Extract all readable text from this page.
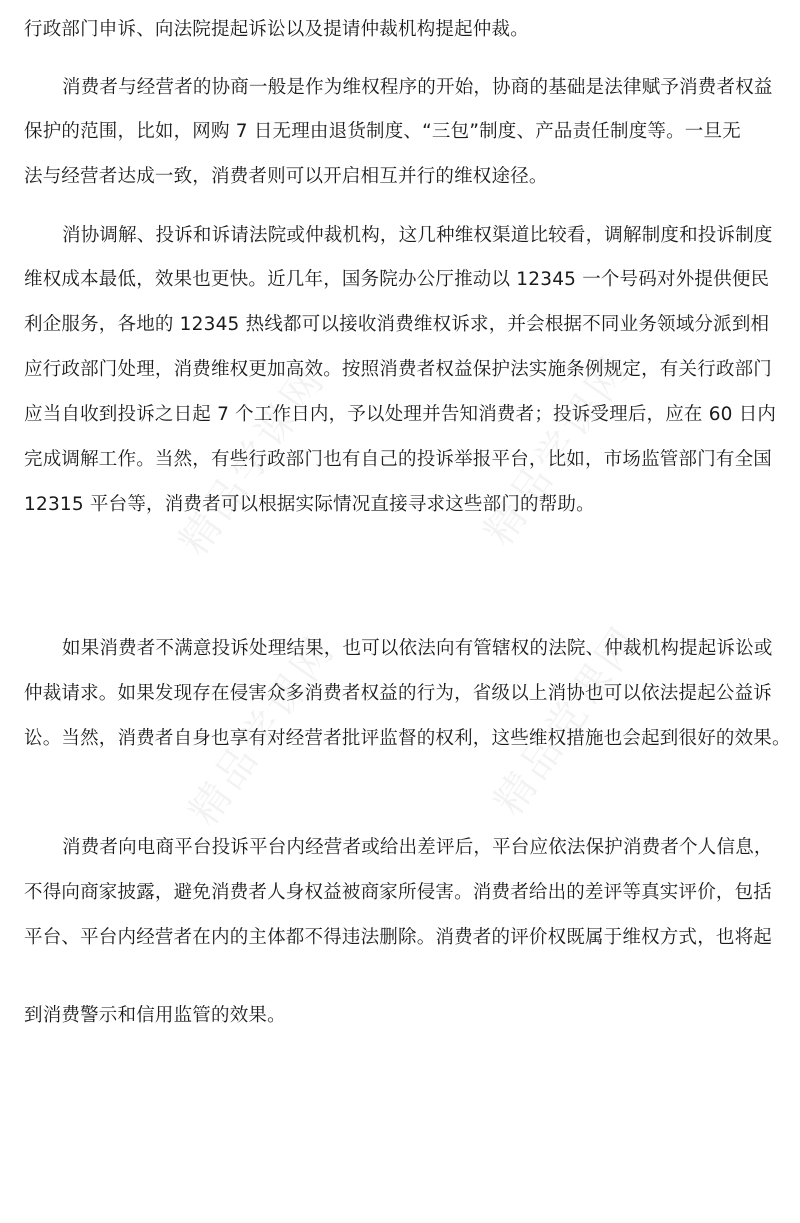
精品学课网	精品学课网
精品学课网	精品党课网
行政部门申诉、向法院提起诉讼以及提请仲裁机构提起仲裁。
消费者与经营者的协商一般是作为维权程序的开始，协商的基础是法律赋予消费者权益
保护的范围，比如，网购 7 日无理由退货制度、“三包”制度、产品责任制度等。一旦无
法与经营者达成一致，消费者则可以开启相互并行的维权途径。
消协调解、投诉和诉请法院或仲裁机构，这几种维权渠道比较看，调解制度和投诉制度
维权成本最低，效果也更快。近几年，国务院办公厅推动以 12345 一个号码对外提供便民
利企服务，各地的 12345 热线都可以接收消费维权诉求，并会根据不同业务领域分派到相
应行政部门处理，消费维权更加高效。按照消费者权益保护法实施条例规定，有关行政部门
应当自收到投诉之日起 7 个工作日内，予以处理并告知消费者；投诉受理后，应在 60 日内
完成调解工作。当然，有些行政部门也有自己的投诉举报平台，比如，市场监管部门有全国
12315 平台等，消费者可以根据实际情况直接寻求这些部门的帮助。
如果消费者不满意投诉处理结果，也可以依法向有管辖权的法院、仲裁机构提起诉讼或
仲裁请求。如果发现存在侵害众多消费者权益的行为，省级以上消协也可以依法提起公益诉
讼。当然，消费者自身也享有对经营者批评监督的权利，这些维权措施也会起到很好的效果。
消费者向电商平台投诉平台内经营者或给出差评后，平台应依法保护消费者个人信息，
不得向商家披露，避免消费者人身权益被商家所侵害。消费者给出的差评等真实评价，包括
平台、平台内经营者在内的主体都不得违法删除。消费者的评价权既属于维权方式，也将起
到消费警示和信用监管的效果。
